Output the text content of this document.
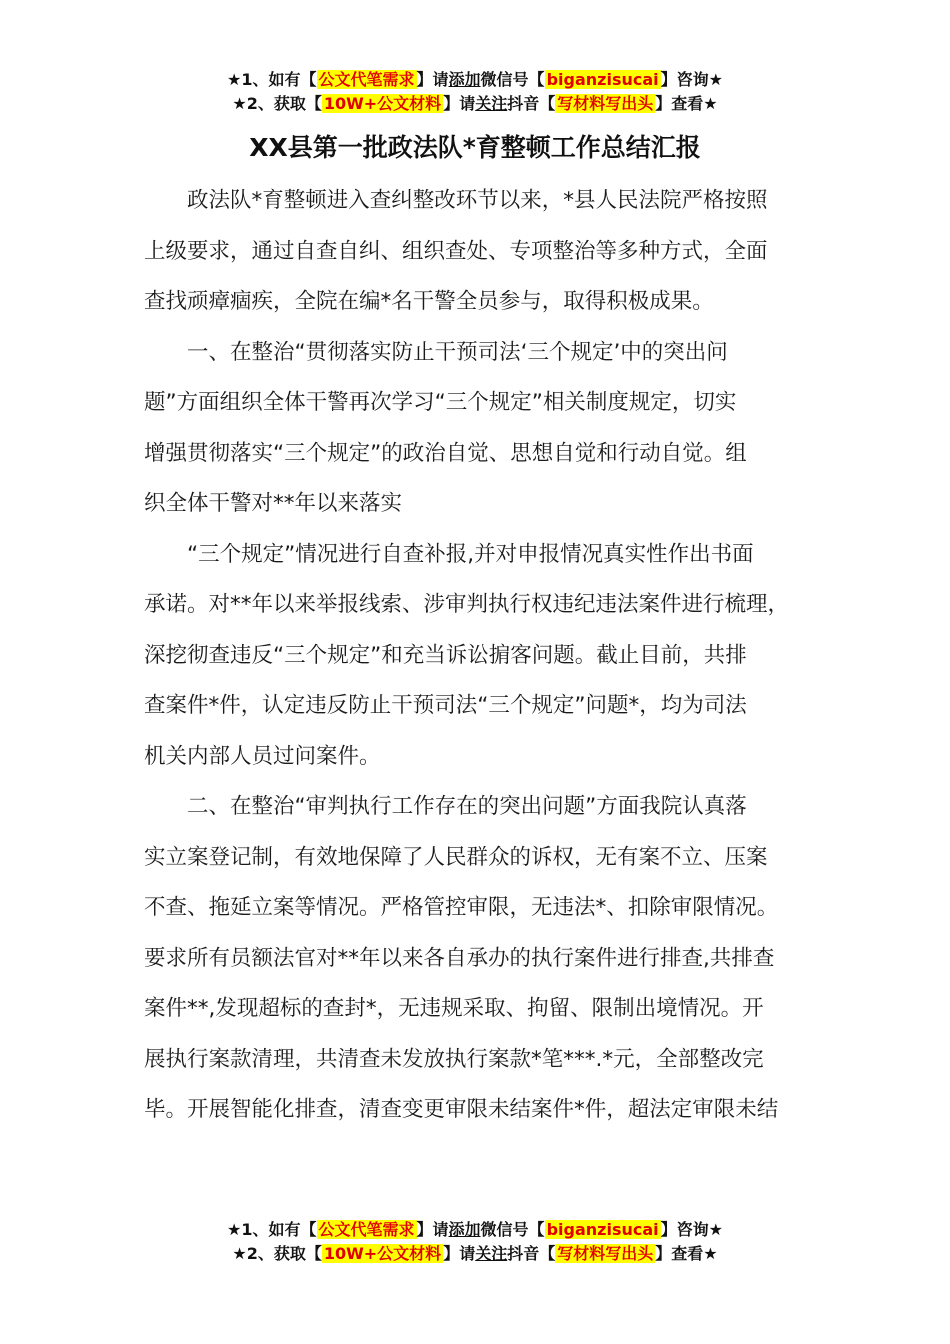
★1、如有【 公文代笔需求 】请添加微信号【 biganzisucai 】咨询★
★2、获取【 10W+公文材料 】请关注抖音【 写材料写出头 】查看★
XX县第一批政法队*育整顿工作总结汇报
　　政法队*育整顿进入查纠整改环节以来，*县人民法院严格按照
上级要求，通过自查自纠、组织查处、专项整治等多种方式，全面
查找顽瘴痼疾，全院在编*名干警全员参与，取得积极成果。
　　一、在整治“贯彻落实防止干预司法‘三个规定’中的突出问
题”方面组织全体干警再次学习“三个规定”相关制度规定，切实
增强贯彻落实“三个规定”的政治自觉、思想自觉和行动自觉。组
织全体干警对**年以来落实
　　“三个规定”情况进行自查补报,并对申报情况真实性作出书面
承诺。对**年以来举报线索、涉审判执行权违纪违法案件进行梳理，
深挖彻查违反“三个规定”和充当诉讼掮客问题。截止目前，共排
查案件*件，认定违反防止干预司法“三个规定”问题*，均为司法
机关内部人员过问案件。
　　二、在整治“审判执行工作存在的突出问题”方面我院认真落
实立案登记制，有效地保障了人民群众的诉权，无有案不立、压案
不查、拖延立案等情况。严格管控审限，无违法*、扣除审限情况。
要求所有员额法官对**年以来各自承办的执行案件进行排查,共排查
案件**,发现超标的查封*，无违规采取、拘留、限制出境情况。开
展执行案款清理，共清查未发放执行案款*笔***.*元，全部整改完
毕。开展智能化排查，清查变更审限未结案件*件，超法定审限未结
★1、如有【 公文代笔需求 】请添加微信号【 biganzisucai 】咨询★
★2、获取【 10W+公文材料 】请关注抖音【 写材料写出头 】查看★
